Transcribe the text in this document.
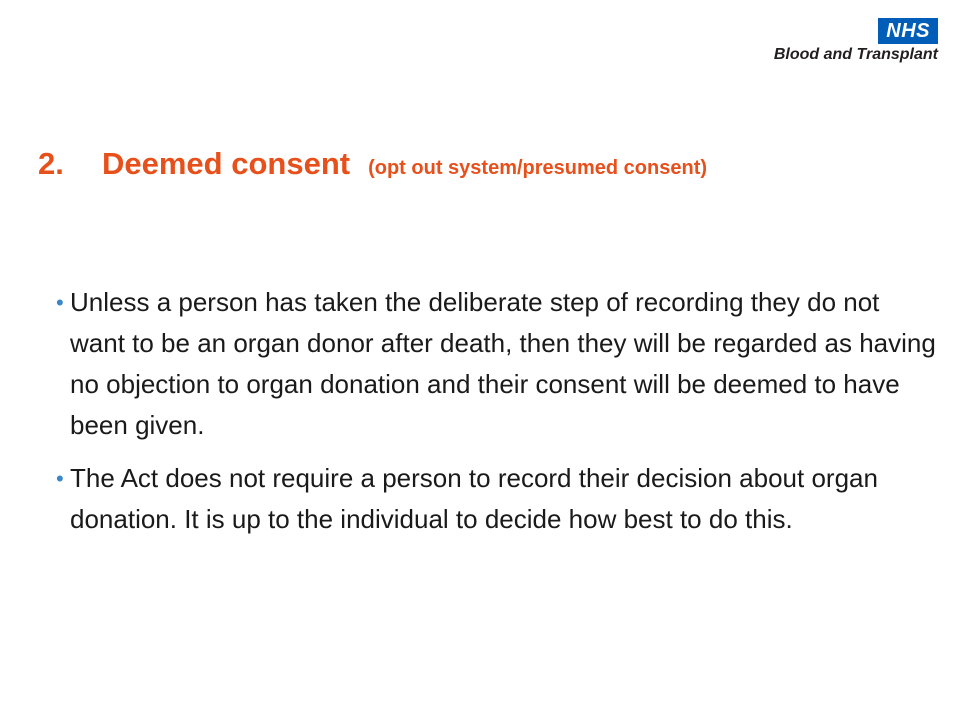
NHS
Blood and Transplant
2. Deemed consent (opt out system/presumed consent)
• Unless a person has taken the deliberate step of recording they do not want to be an organ donor after death, then they will be regarded as having no objection to organ donation and their consent will be deemed to have been given.
• The Act does not require a person to record their decision about organ donation. It is up to the individual to decide how best to do this.
